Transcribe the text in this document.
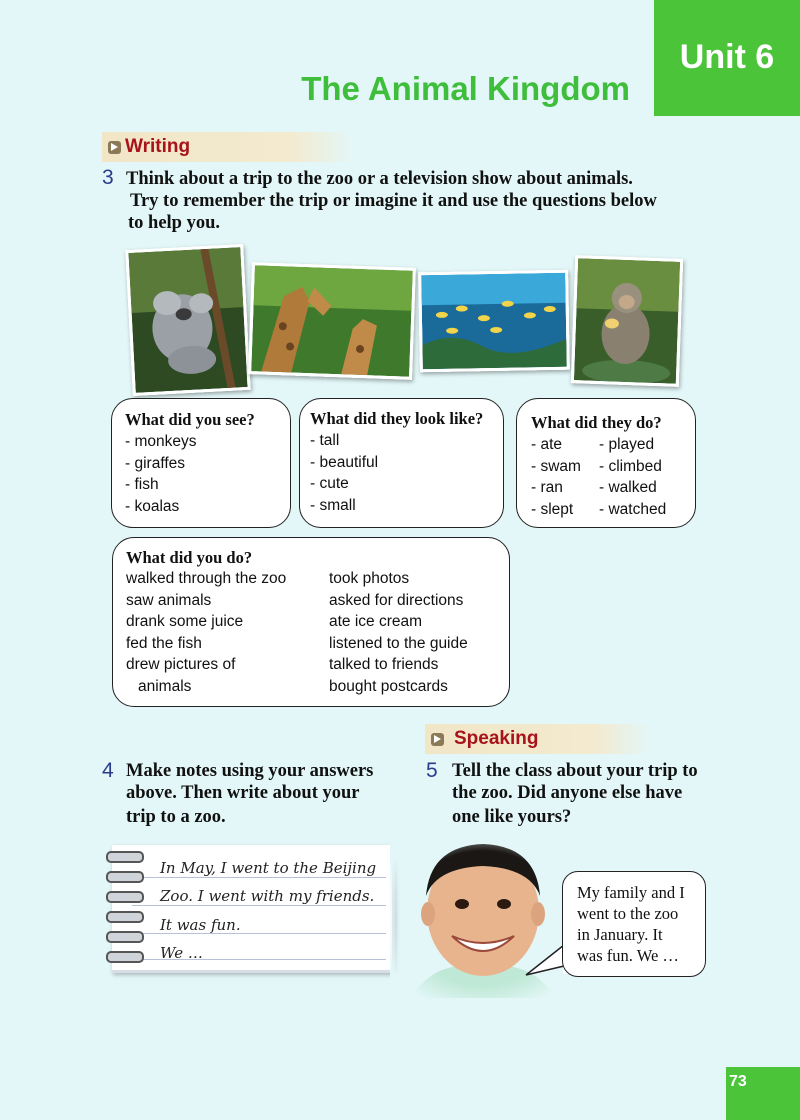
Unit 6
The Animal Kingdom
Writing
3 Think about a trip to the zoo or a television show about animals.
Try to remember the trip or imagine it and use the questions below
to help you.
What did you see?
- monkeys
- giraffes
- fish
- koalas
What did they look like?
- tall
- beautiful
- cute
- small
What did they do?
- ate
- swam
- ran
- slept
- played
- climbed
- walked
- watched
What did you do?
walked through the zoo
saw animals
drank some juice
fed the fish
drew pictures of
animals
took photos
asked for directions
ate ice cream
listened to the guide
talked to friends
bought postcards
Speaking
4 Make notes using your answers
above. Then write about your
trip to a zoo.
5 Tell the class about your trip to
the zoo. Did anyone else have
one like yours?
In May, I went to the Beijing
Zoo. I went with my friends.
It was fun.
We …
My family and I
went to the zoo
in January. It
was fun. We …
73
